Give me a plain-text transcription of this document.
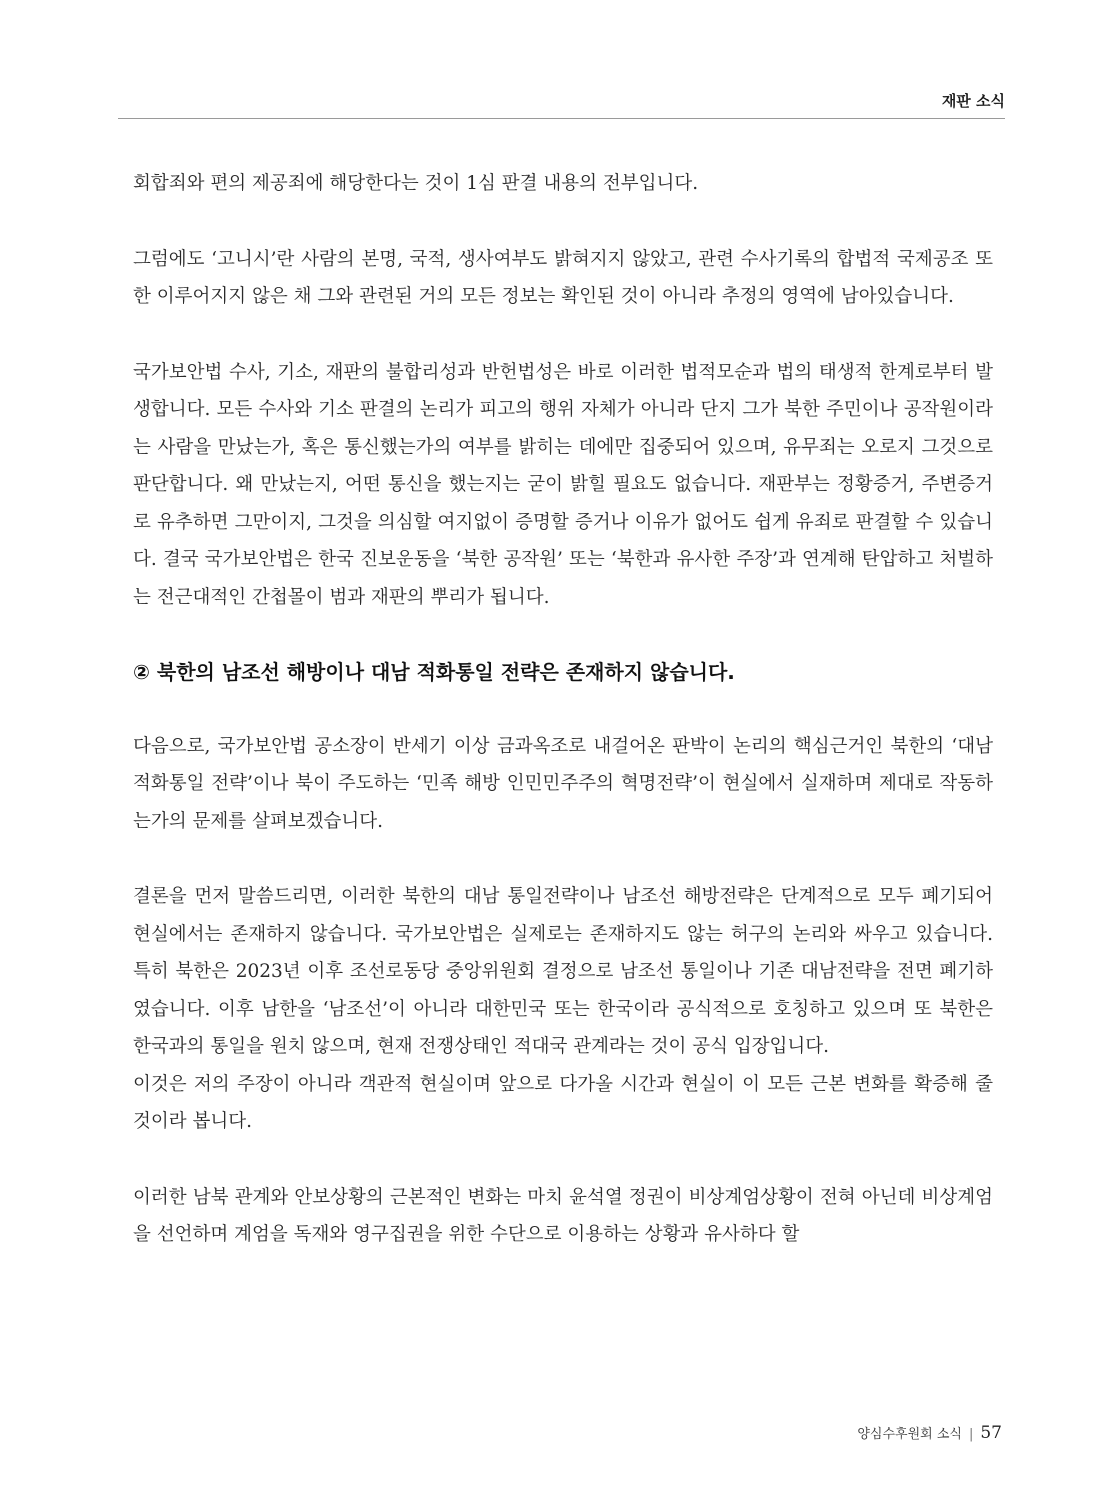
재판 소식

회합죄와 편의 제공죄에 해당한다는 것이 1심 판결 내용의 전부입니다.

그럼에도 ‘고니시’란 사람의 본명, 국적, 생사여부도 밝혀지지 않았고, 관련 수사기록의 합법적 국제공조 또한 이루어지지 않은 채 그와 관련된 거의 모든 정보는 확인된 것이 아니라 추정의 영역에 남아있습니다.

국가보안법 수사, 기소, 재판의 불합리성과 반헌법성은 바로 이러한 법적모순과 법의 태생적 한계로부터 발생합니다. 모든 수사와 기소 판결의 논리가 피고의 행위 자체가 아니라 단지 그가 북한 주민이나 공작원이라는 사람을 만났는가, 혹은 통신했는가의 여부를 밝히는 데에만 집중되어 있으며, 유무죄는 오로지 그것으로 판단합니다. 왜 만났는지, 어떤 통신을 했는지는 굳이 밝힐 필요도 없습니다. 재판부는 정황증거, 주변증거로 유추하면 그만이지, 그것을 의심할 여지없이 증명할 증거나 이유가 없어도 쉽게 유죄로 판결할 수 있습니다. 결국 국가보안법은 한국 진보운동을 ‘북한 공작원’ 또는 ‘북한과 유사한 주장’과 연계해 탄압하고 처벌하는 전근대적인 간첩몰이 범과 재판의 뿌리가 됩니다.

② 북한의 남조선 해방이나 대남 적화통일 전략은 존재하지 않습니다.

다음으로, 국가보안법 공소장이 반세기 이상 금과옥조로 내걸어온 판박이 논리의 핵심근거인 북한의 ‘대남 적화통일 전략’이나 북이 주도하는 ‘민족 해방 인민민주주의 혁명전략’이 현실에서 실재하며 제대로 작동하는가의 문제를 살펴보겠습니다.

결론을 먼저 말씀드리면, 이러한 북한의 대남 통일전략이나 남조선 해방전략은 단계적으로 모두 폐기되어 현실에서는 존재하지 않습니다. 국가보안법은 실제로는 존재하지도 않는 허구의 논리와 싸우고 있습니다. 특히 북한은 2023년 이후 조선로동당 중앙위원회 결정으로 남조선 통일이나 기존 대남전략을 전면 폐기하였습니다. 이후 남한을 ‘남조선’이 아니라 대한민국 또는 한국이라 공식적으로 호칭하고 있으며 또 북한은 한국과의 통일을 원치 않으며, 현재 전쟁상태인 적대국 관계라는 것이 공식 입장입니다.

이것은 저의 주장이 아니라 객관적 현실이며 앞으로 다가올 시간과 현실이 이 모든 근본 변화를 확증해 줄 것이라 봅니다.

이러한 남북 관계와 안보상황의 근본적인 변화는 마치 윤석열 정권이 비상계엄상황이 전혀 아닌데 비상계엄을 선언하며 계엄을 독재와 영구집권을 위한 수단으로 이용하는 상황과 유사하다 할

양심수후원회 소식 | 57
